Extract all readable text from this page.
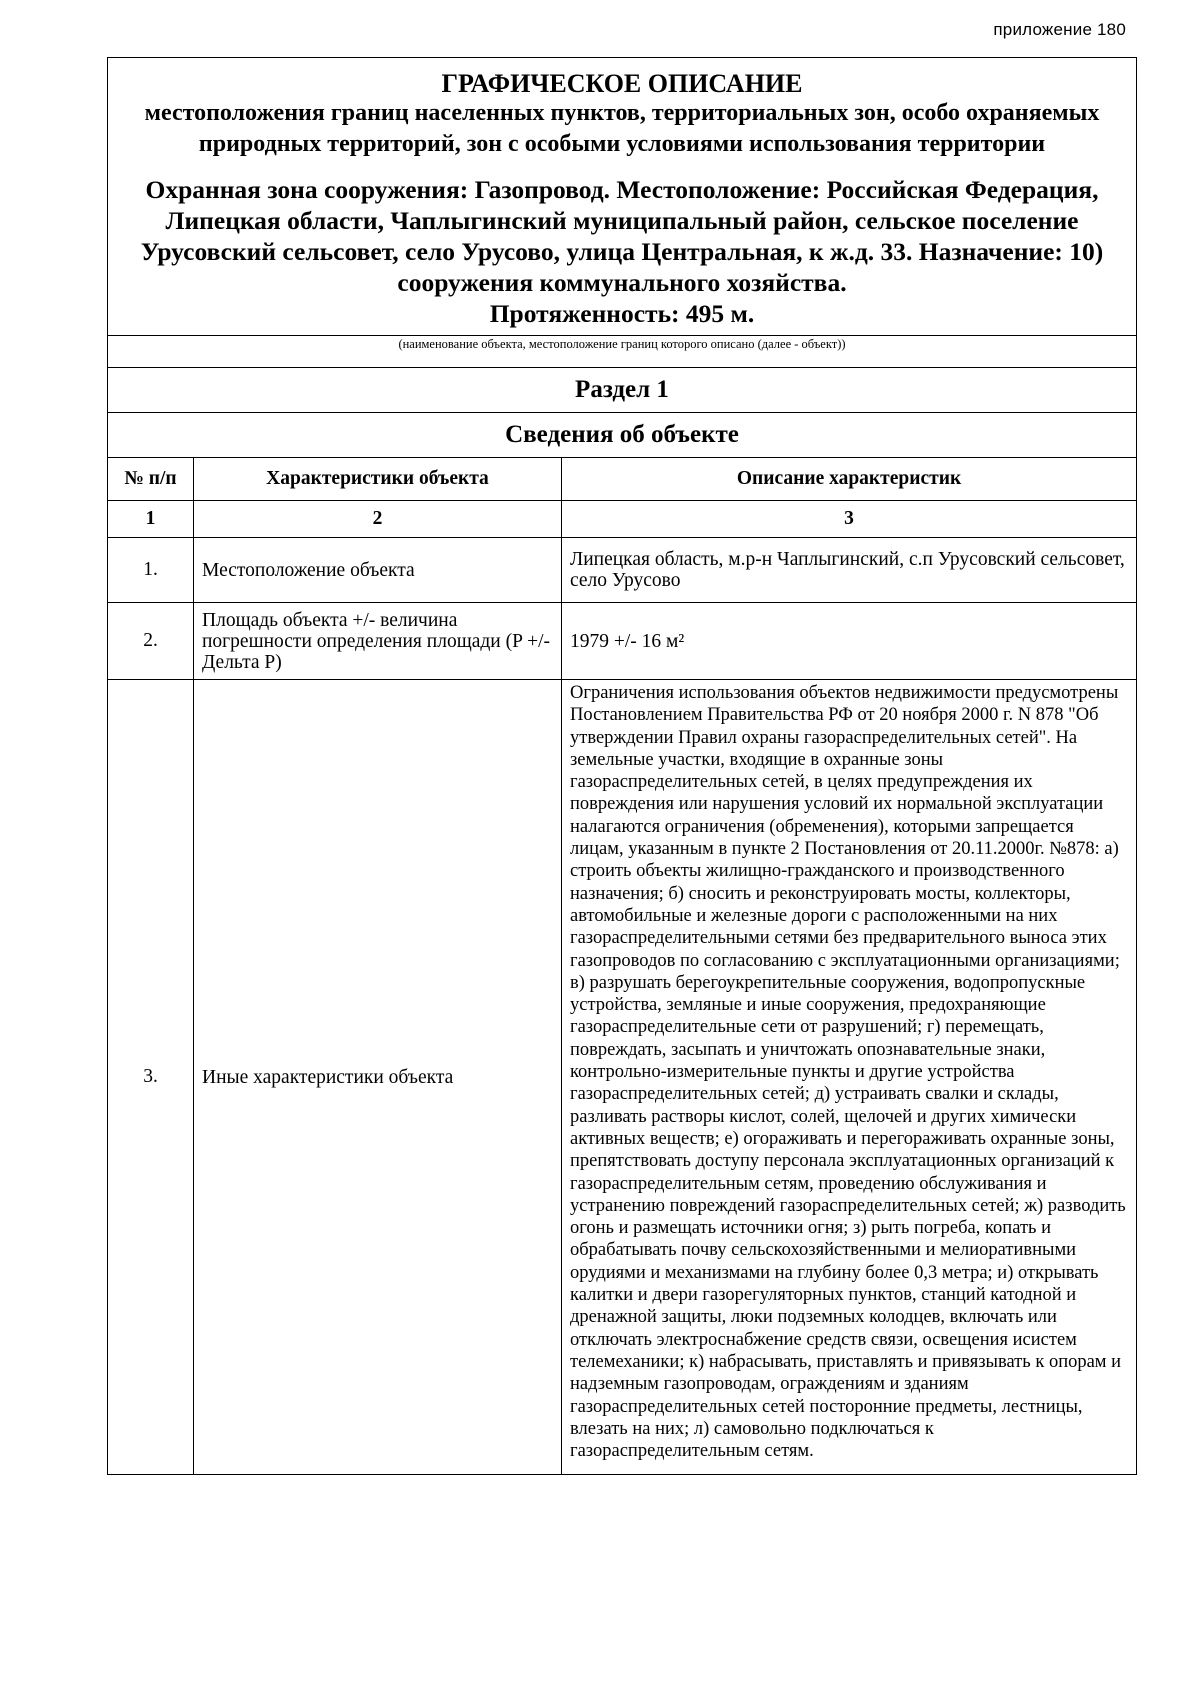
приложение 180
ГРАФИЧЕСКОЕ ОПИСАНИЕ
местоположения границ населенных пунктов, территориальных зон, особо охраняемых природных территорий, зон с особыми условиями использования территории
Охранная зона сооружения: Газопровод. Местоположение: Российская Федерация, Липецкая области, Чаплыгинский муниципальный район, сельское поселение Урусовский сельсовет, село Урусово, улица Центральная, к ж.д. 33. Назначение: 10) сооружения коммунального хозяйства.
Протяженность: 495 м.		

(наименование объекта, местоположение границ которого описано (далее - объект))		
Раздел 1		
Сведения об объекте		
№ п/п	Характеристики объекта	Описание характеристик
1	2	3
1.	Местоположение объекта	Липецкая область, м.р-н Чаплыгинский, с.п Урусовский сельсовет, село Урусово
2.	Площадь объекта +/- величина погрешности определения площади (P +/- Дельта P)	1979 +/- 16 м²
3.	Иные характеристики объекта	Ограничения использования объектов недвижимости предусмотрены Постановлением Правительства РФ от 20 ноября 2000 г. N 878 "Об утверждении Правил охраны газораспределительных сетей". На земельные участки, входящие в охранные зоны газораспределительных сетей, в целях предупреждения их повреждения или нарушения условий их нормальной эксплуатации налагаются ограничения (обременения), которыми запрещается лицам, указанным в пункте 2 Постановления от 20.11.2000г. №878: а) строить объекты жилищно-гражданского и производственного назначения; б) сносить и реконструировать мосты, коллекторы, автомобильные и железные дороги с расположенными на них газораспределительными сетями без предварительного выноса этих газопроводов по согласованию с эксплуатационными организациями; в) разрушать берегоукрепительные сооружения, водопропускные устройства, земляные и иные сооружения, предохраняющие газораспределительные сети от разрушений; г) перемещать, повреждать, засыпать и уничтожать опознавательные знаки, контрольно-измерительные пункты и другие устройства газораспределительных сетей; д) устраивать свалки и склады, разливать растворы кислот, солей, щелочей и других химически активных веществ; е) огораживать и перегораживать охранные зоны, препятствовать доступу персонала эксплуатационных организаций к газораспределительным сетям, проведению обслуживания и устранению повреждений газораспределительных сетей; ж) разводить огонь и размещать источники огня; з) рыть погреба, копать и обрабатывать почву сельскохозяйственными и мелиоративными орудиями и механизмами на глубину более 0,3 метра; и) открывать калитки и двери газорегуляторных пунктов, станций катодной и дренажной защиты, люки подземных колодцев, включать или отключать электроснабжение средств связи, освещения исистем телемеханики; к) набрасывать, приставлять и привязывать к опорам и надземным газопроводам, ограждениям и зданиям газораспределительных сетей посторонние предметы, лестницы, влезать на них; л) самовольно подключаться к газораспределительным сетям.
